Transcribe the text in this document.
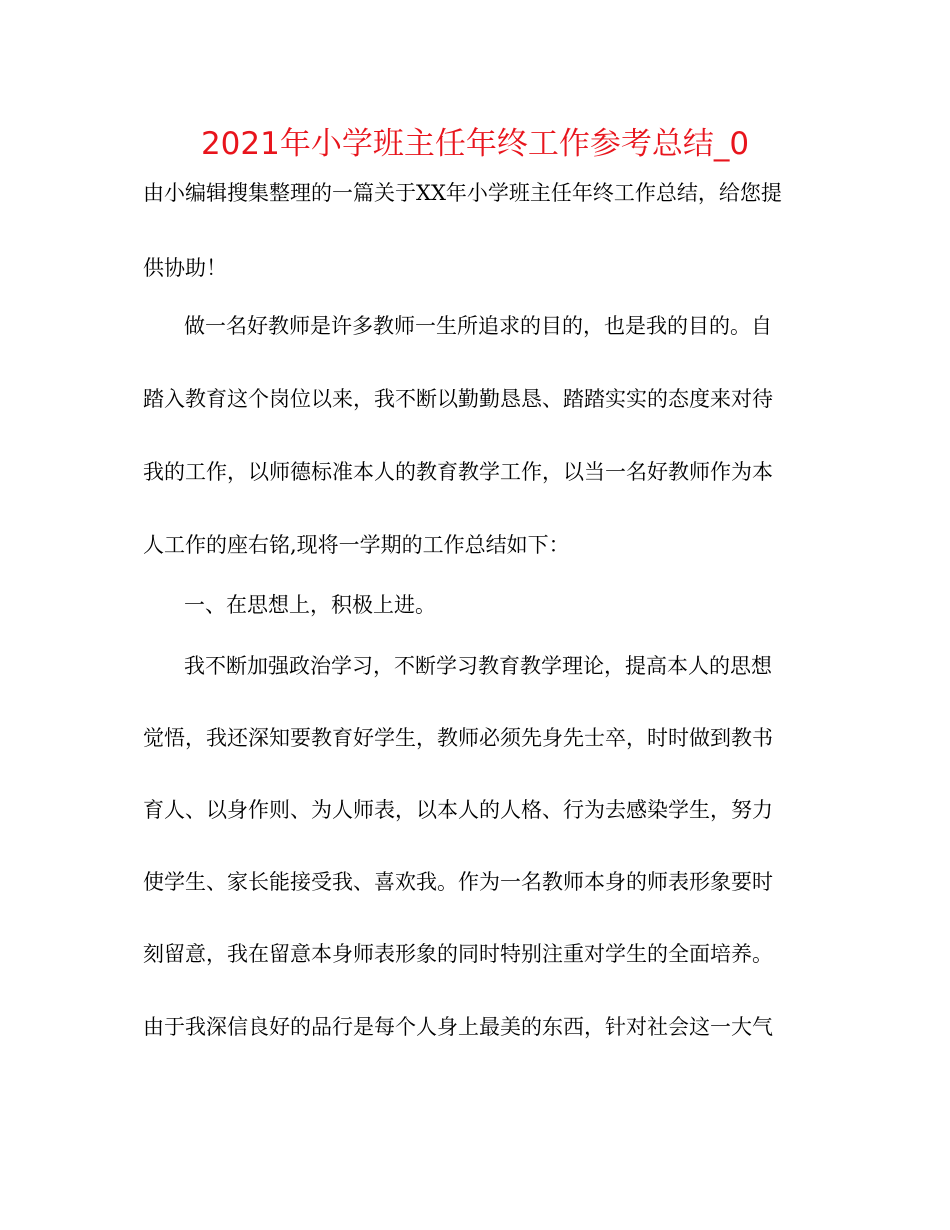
2021年小学班主任年终工作参考总结_0

由小编辑搜集整理的一篇关于XX年小学班主任年终工作总结，给您提

供协助！

做一名好教师是许多教师一生所追求的目的，也是我的目的。自

踏入教育这个岗位以来，我不断以勤勤恳恳、踏踏实实的态度来对待

我的工作，以师德标准本人的教育教学工作，以当一名好教师作为本

人工作的座右铭,现将一学期的工作总结如下：

一、在思想上，积极上进。

我不断加强政治学习，不断学习教育教学理论，提高本人的思想

觉悟，我还深知要教育好学生，教师必须先身先士卒，时时做到教书

育人、以身作则、为人师表，以本人的人格、行为去感染学生，努力

使学生、家长能接受我、喜欢我。作为一名教师本身的师表形象要时

刻留意，我在留意本身师表形象的同时特别注重对学生的全面培养。

由于我深信良好的品行是每个人身上最美的东西，针对社会这一大气
